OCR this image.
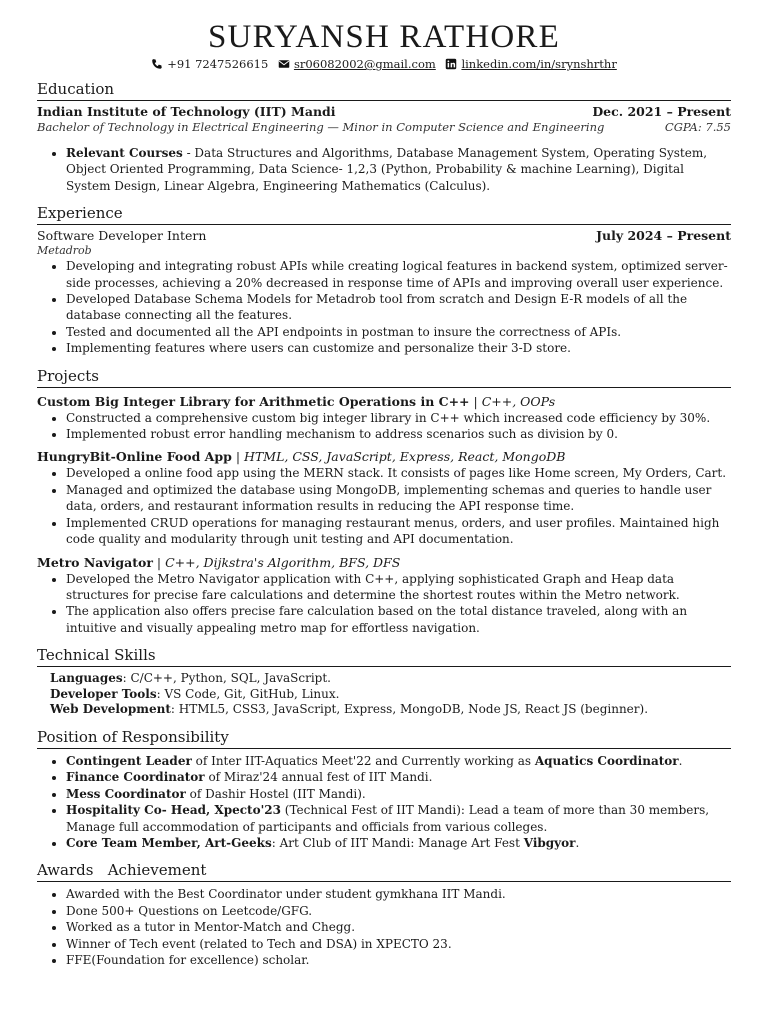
SURYANSH RATHORE
+91 7247526615
sr06082002@gmail.com
linkedin.com/in/srynshrthr
Education
Indian Institute of Technology (IIT) Mandi	Dec. 2021 – Present
Bachelor of Technology in Electrical Engineering — Minor in Computer Science and Engineering	CGPA: 7.55
• Relevant Courses - Data Structures and Algorithms, Database Management System, Operating System, Object Oriented Programming, Data Science- 1,2,3 (Python, Probability & machine Learning), Digital System Design, Linear Algebra, Engineering Mathematics (Calculus).
Experience
Software Developer Intern	July 2024 – Present
Metadrob
• Developing and integrating robust APIs while creating logical features in backend system, optimized server-side processes, achieving a 20% decreased in response time of APIs and improving overall user experience.
• Developed Database Schema Models for Metadrob tool from scratch and Design E-R models of all the database connecting all the features.
• Tested and documented all the API endpoints in postman to insure the correctness of APIs.
• Implementing features where users can customize and personalize their 3-D store.
Projects
Custom Big Integer Library for Arithmetic Operations in C++ | C++, OOPs
• Constructed a comprehensive custom big integer library in C++ which increased code efficiency by 30%.
• Implemented robust error handling mechanism to address scenarios such as division by 0.
HungryBit-Online Food App | HTML, CSS, JavaScript, Express, React, MongoDB
• Developed a online food app using the MERN stack. It consists of pages like Home screen, My Orders, Cart.
• Managed and optimized the database using MongoDB, implementing schemas and queries to handle user data, orders, and restaurant information results in reducing the API response time.
• Implemented CRUD operations for managing restaurant menus, orders, and user profiles. Maintained high code quality and modularity through unit testing and API documentation.
Metro Navigator | C++, Dijkstra's Algorithm, BFS, DFS
• Developed the Metro Navigator application with C++, applying sophisticated Graph and Heap data structures for precise fare calculations and determine the shortest routes within the Metro network.
• The application also offers precise fare calculation based on the total distance traveled, along with an intuitive and visually appealing metro map for effortless navigation.
Technical Skills
Languages: C/C++, Python, SQL, JavaScript.
Developer Tools: VS Code, Git, GitHub, Linux.
Web Development: HTML5, CSS3, JavaScript, Express, MongoDB, Node JS, React JS (beginner).
Position of Responsibility
• Contingent Leader of Inter IIT-Aquatics Meet'22 and Currently working as Aquatics Coordinator.
• Finance Coordinator of Miraz'24 annual fest of IIT Mandi.
• Mess Coordinator of Dashir Hostel (IIT Mandi).
• Hospitality Co- Head, Xpecto'23 (Technical Fest of IIT Mandi): Lead a team of more than 30 members, Manage full accommodation of participants and officials from various colleges.
• Core Team Member, Art-Geeks: Art Club of IIT Mandi: Manage Art Fest Vibgyor.
Awards   Achievement
• Awarded with the Best Coordinator under student gymkhana IIT Mandi.
• Done 500+ Questions on Leetcode/GFG.
• Worked as a tutor in Mentor-Match and Chegg.
• Winner of Tech event (related to Tech and DSA) in XPECTO 23.
• FFE(Foundation for excellence) scholar.
